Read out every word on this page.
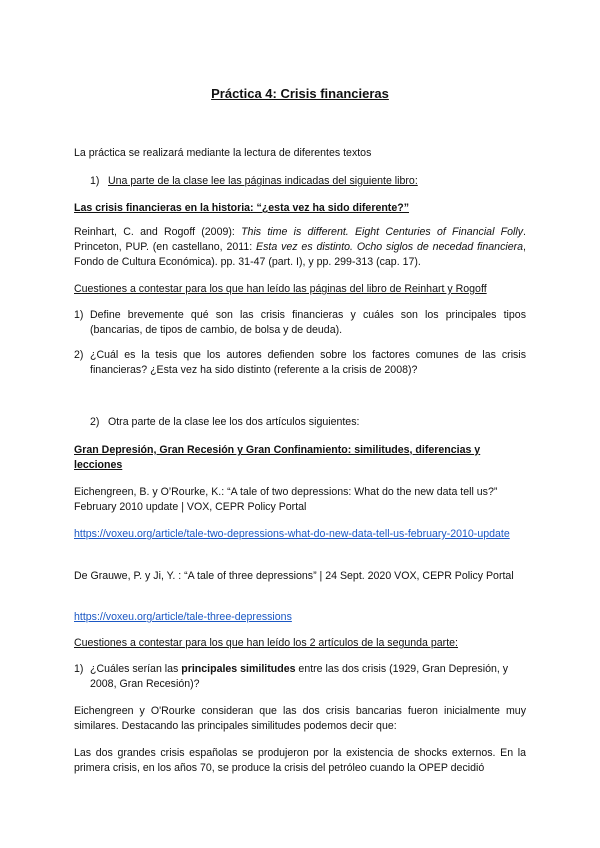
Práctica 4: Crisis financieras
La práctica se realizará mediante la lectura de diferentes textos
1) Una parte de la clase lee las páginas indicadas del siguiente libro:
Las crisis financieras en la historia: “¿esta vez ha sido diferente?”
Reinhart, C. and Rogoff (2009): This time is different. Eight Centuries of Financial Folly. Princeton, PUP. (en castellano, 2011: Esta vez es distinto. Ocho siglos de necedad financiera, Fondo de Cultura Económica). pp. 31-47 (part. I), y pp. 299-313 (cap. 17).
Cuestiones a contestar para los que han leído las páginas del libro de Reinhart y Rogoff
1) Define brevemente qué son las crisis financieras y cuáles son los principales tipos (bancarias, de tipos de cambio, de bolsa y de deuda).
2) ¿Cuál es la tesis que los autores defienden sobre los factores comunes de las crisis financieras? ¿Esta vez ha sido distinto (referente a la crisis de 2008)?
2) Otra parte de la clase lee los dos artículos siguientes:
Gran Depresión, Gran Recesión y Gran Confinamiento: similitudes, diferencias y lecciones
Eichengreen, B. y O’Rourke, K.: “A tale of two depressions: What do the new data tell us?” February 2010 update | VOX, CEPR Policy Portal
https://voxeu.org/article/tale-two-depressions-what-do-new-data-tell-us-february-2010-update
De Grauwe, P. y Ji, Y. : “A tale of three depressions” | 24 Sept. 2020 VOX, CEPR Policy Portal
https://voxeu.org/article/tale-three-depressions
Cuestiones a contestar para los que han leído los 2 artículos de la segunda parte:
1) ¿Cuáles serían las principales similitudes entre las dos crisis (1929, Gran Depresión, y 2008, Gran Recesión)?
Eichengreen y O'Rourke consideran que las dos crisis bancarias fueron inicialmente muy similares. Destacando las principales similitudes podemos decir que:
Las dos grandes crisis españolas se produjeron por la existencia de shocks externos. En la primera crisis, en los años 70, se produce la crisis del petróleo cuando la OPEP decidió
